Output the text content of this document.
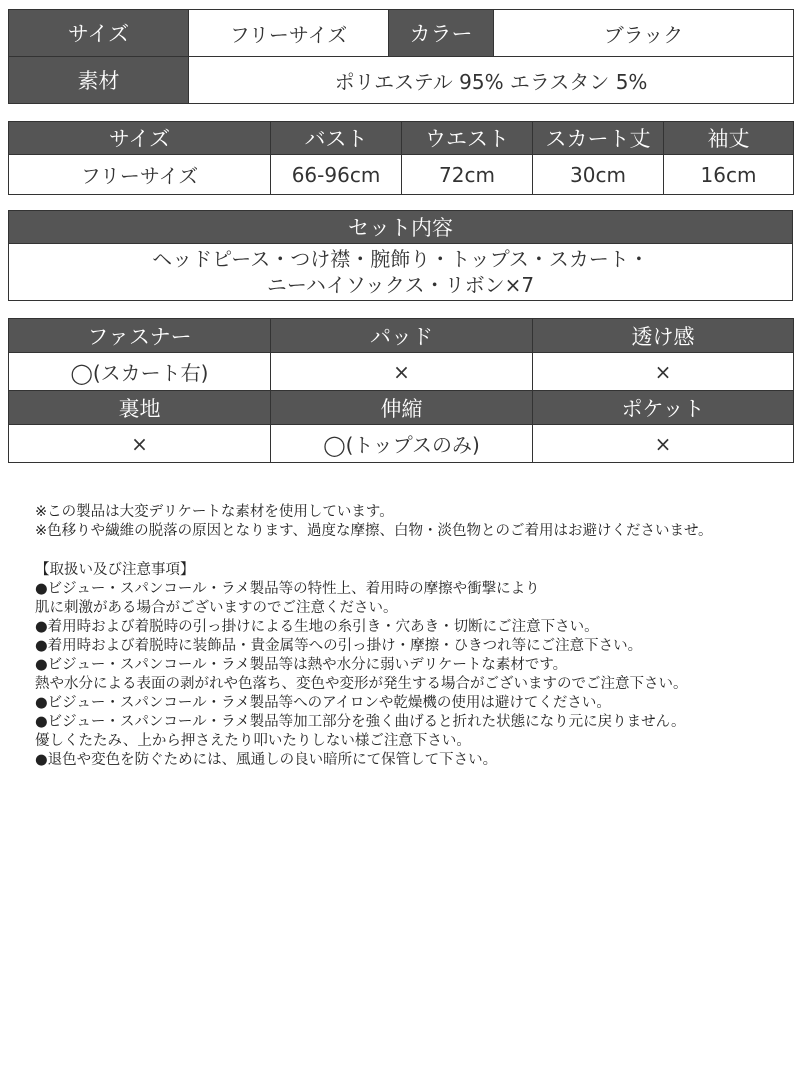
サイズ	フリーサイズ	カラー	ブラック
素材	ポリエステル 95% エラスタン 5%		
サイズ	バスト	ウエスト	スカート丈	袖丈
フリーサイズ	66-96cm	72cm	30cm	16cm
セット内容

ヘッドピース・つけ襟・腕飾り・トップス・スカート・
ニーハイソックス・リボン×7
ファスナー	パッド	透け感
◯(スカート右)	×	×
裏地	伸縮	ポケット
×	◯(トップスのみ)	×
※この製品は大変デリケートな素材を使用しています。
※色移りや繊維の脱落の原因となります、過度な摩擦、白物・淡色物とのご着用はお避けくださいませ。
【取扱い及び注意事項】
●ビジュー・スパンコール・ラメ製品等の特性上、着用時の摩擦や衝撃により
肌に刺激がある場合がございますのでご注意ください。
●着用時および着脱時の引っ掛けによる生地の糸引き・穴あき・切断にご注意下さい。
●着用時および着脱時に装飾品・貴金属等への引っ掛け・摩擦・ひきつれ等にご注意下さい。
●ビジュー・スパンコール・ラメ製品等は熱や水分に弱いデリケートな素材です。
熱や水分による表面の剥がれや色落ち、変色や変形が発生する場合がございますのでご注意下さい。
●ビジュー・スパンコール・ラメ製品等へのアイロンや乾燥機の使用は避けてください。
●ビジュー・スパンコール・ラメ製品等加工部分を強く曲げると折れた状態になり元に戻りません。
優しくたたみ、上から押さえたり叩いたりしない様ご注意下さい。
●退色や変色を防ぐためには、風通しの良い暗所にて保管して下さい。
